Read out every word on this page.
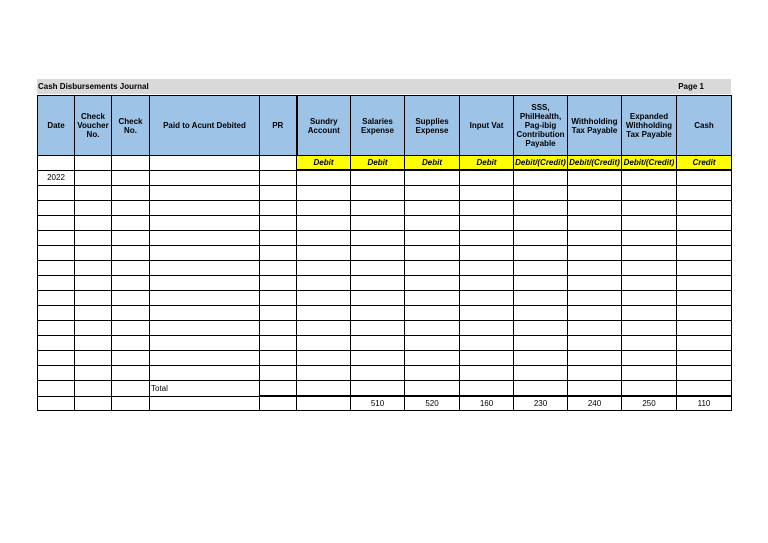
Cash Disbursements Journal	Page 1
Date	Check Voucher No.	Check No.	Paid to Acunt Debited	PR	Sundry Account	Salaries Expense	Supplies Expense	Input Vat	SSS, PhilHealth, Pag-ibig Contribution Payable	Withholding Tax Payable	Expanded Withholding Tax Payable	Cash
					Debit	Debit	Debit	Debit	Debit/(Credit)	Debit/(Credit)	Debit/(Credit)	Credit
2022												

			Total									
						510	520	160	230	240	250	110
